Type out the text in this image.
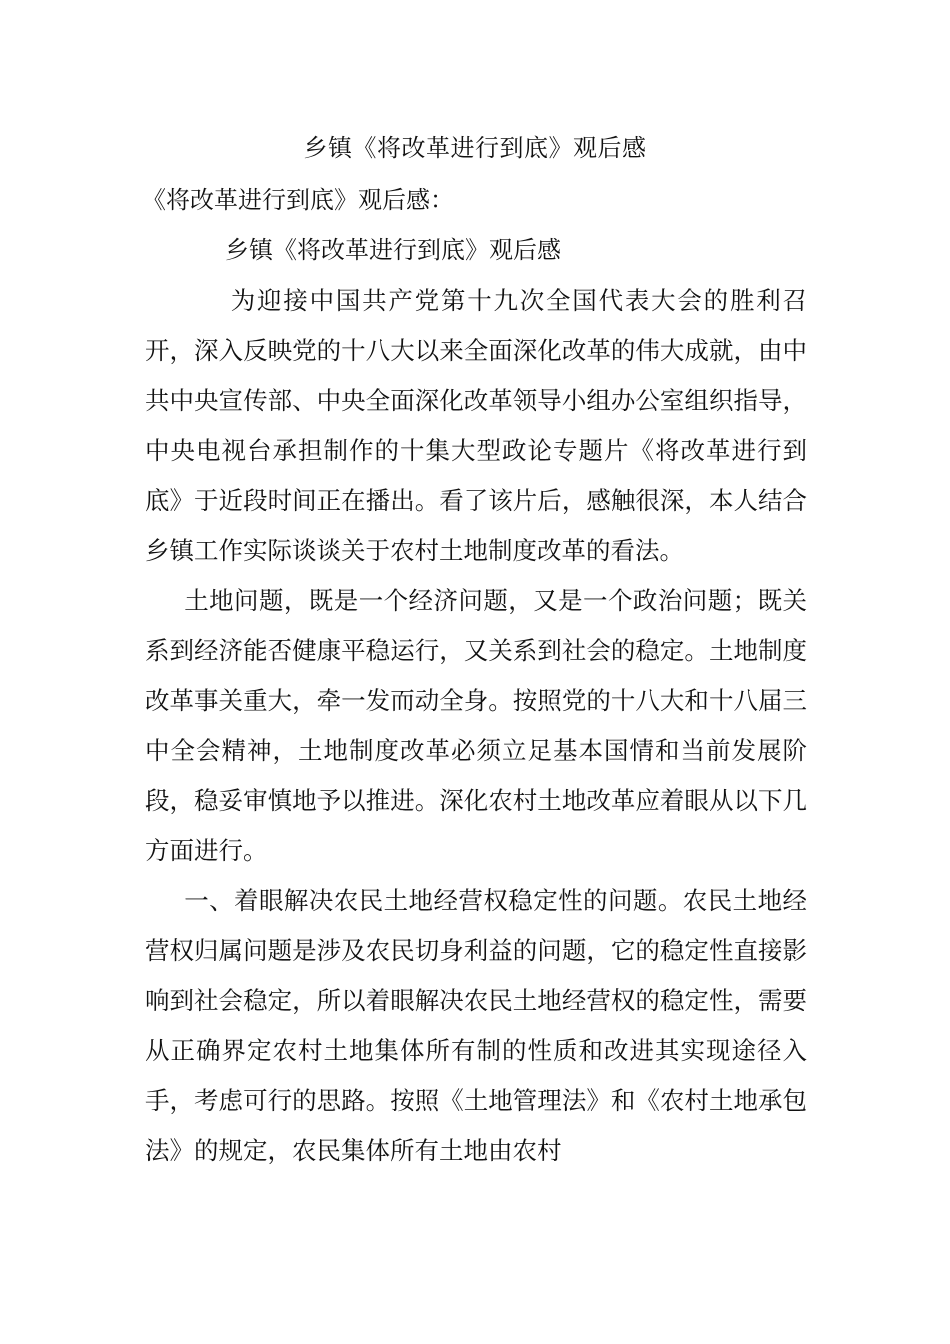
乡镇《将改革进行到底》观后感

《将改革进行到底》观后感：

乡镇《将改革进行到底》观后感

为迎接中国共产党第十九次全国代表大会的胜利召开，深入反映党的十八大以来全面深化改革的伟大成就，由中共中央宣传部、中央全面深化改革领导小组办公室组织指导，中央电视台承担制作的十集大型政论专题片《将改革进行到底》于近段时间正在播出。看了该片后，感触很深，本人结合乡镇工作实际谈谈关于农村土地制度改革的看法。

土地问题，既是一个经济问题，又是一个政治问题；既关系到经济能否健康平稳运行，又关系到社会的稳定。土地制度改革事关重大，牵一发而动全身。按照党的十八大和十八届三中全会精神，土地制度改革必须立足基本国情和当前发展阶段，稳妥审慎地予以推进。深化农村土地改革应着眼从以下几方面进行。

一、着眼解决农民土地经营权稳定性的问题。农民土地经营权归属问题是涉及农民切身利益的问题，它的稳定性直接影响到社会稳定，所以着眼解决农民土地经营权的稳定性，需要从正确界定农村土地集体所有制的性质和改进其实现途径入手，考虑可行的思路。按照《土地管理法》和《农村土地承包法》的规定，农民集体所有土地由农村
